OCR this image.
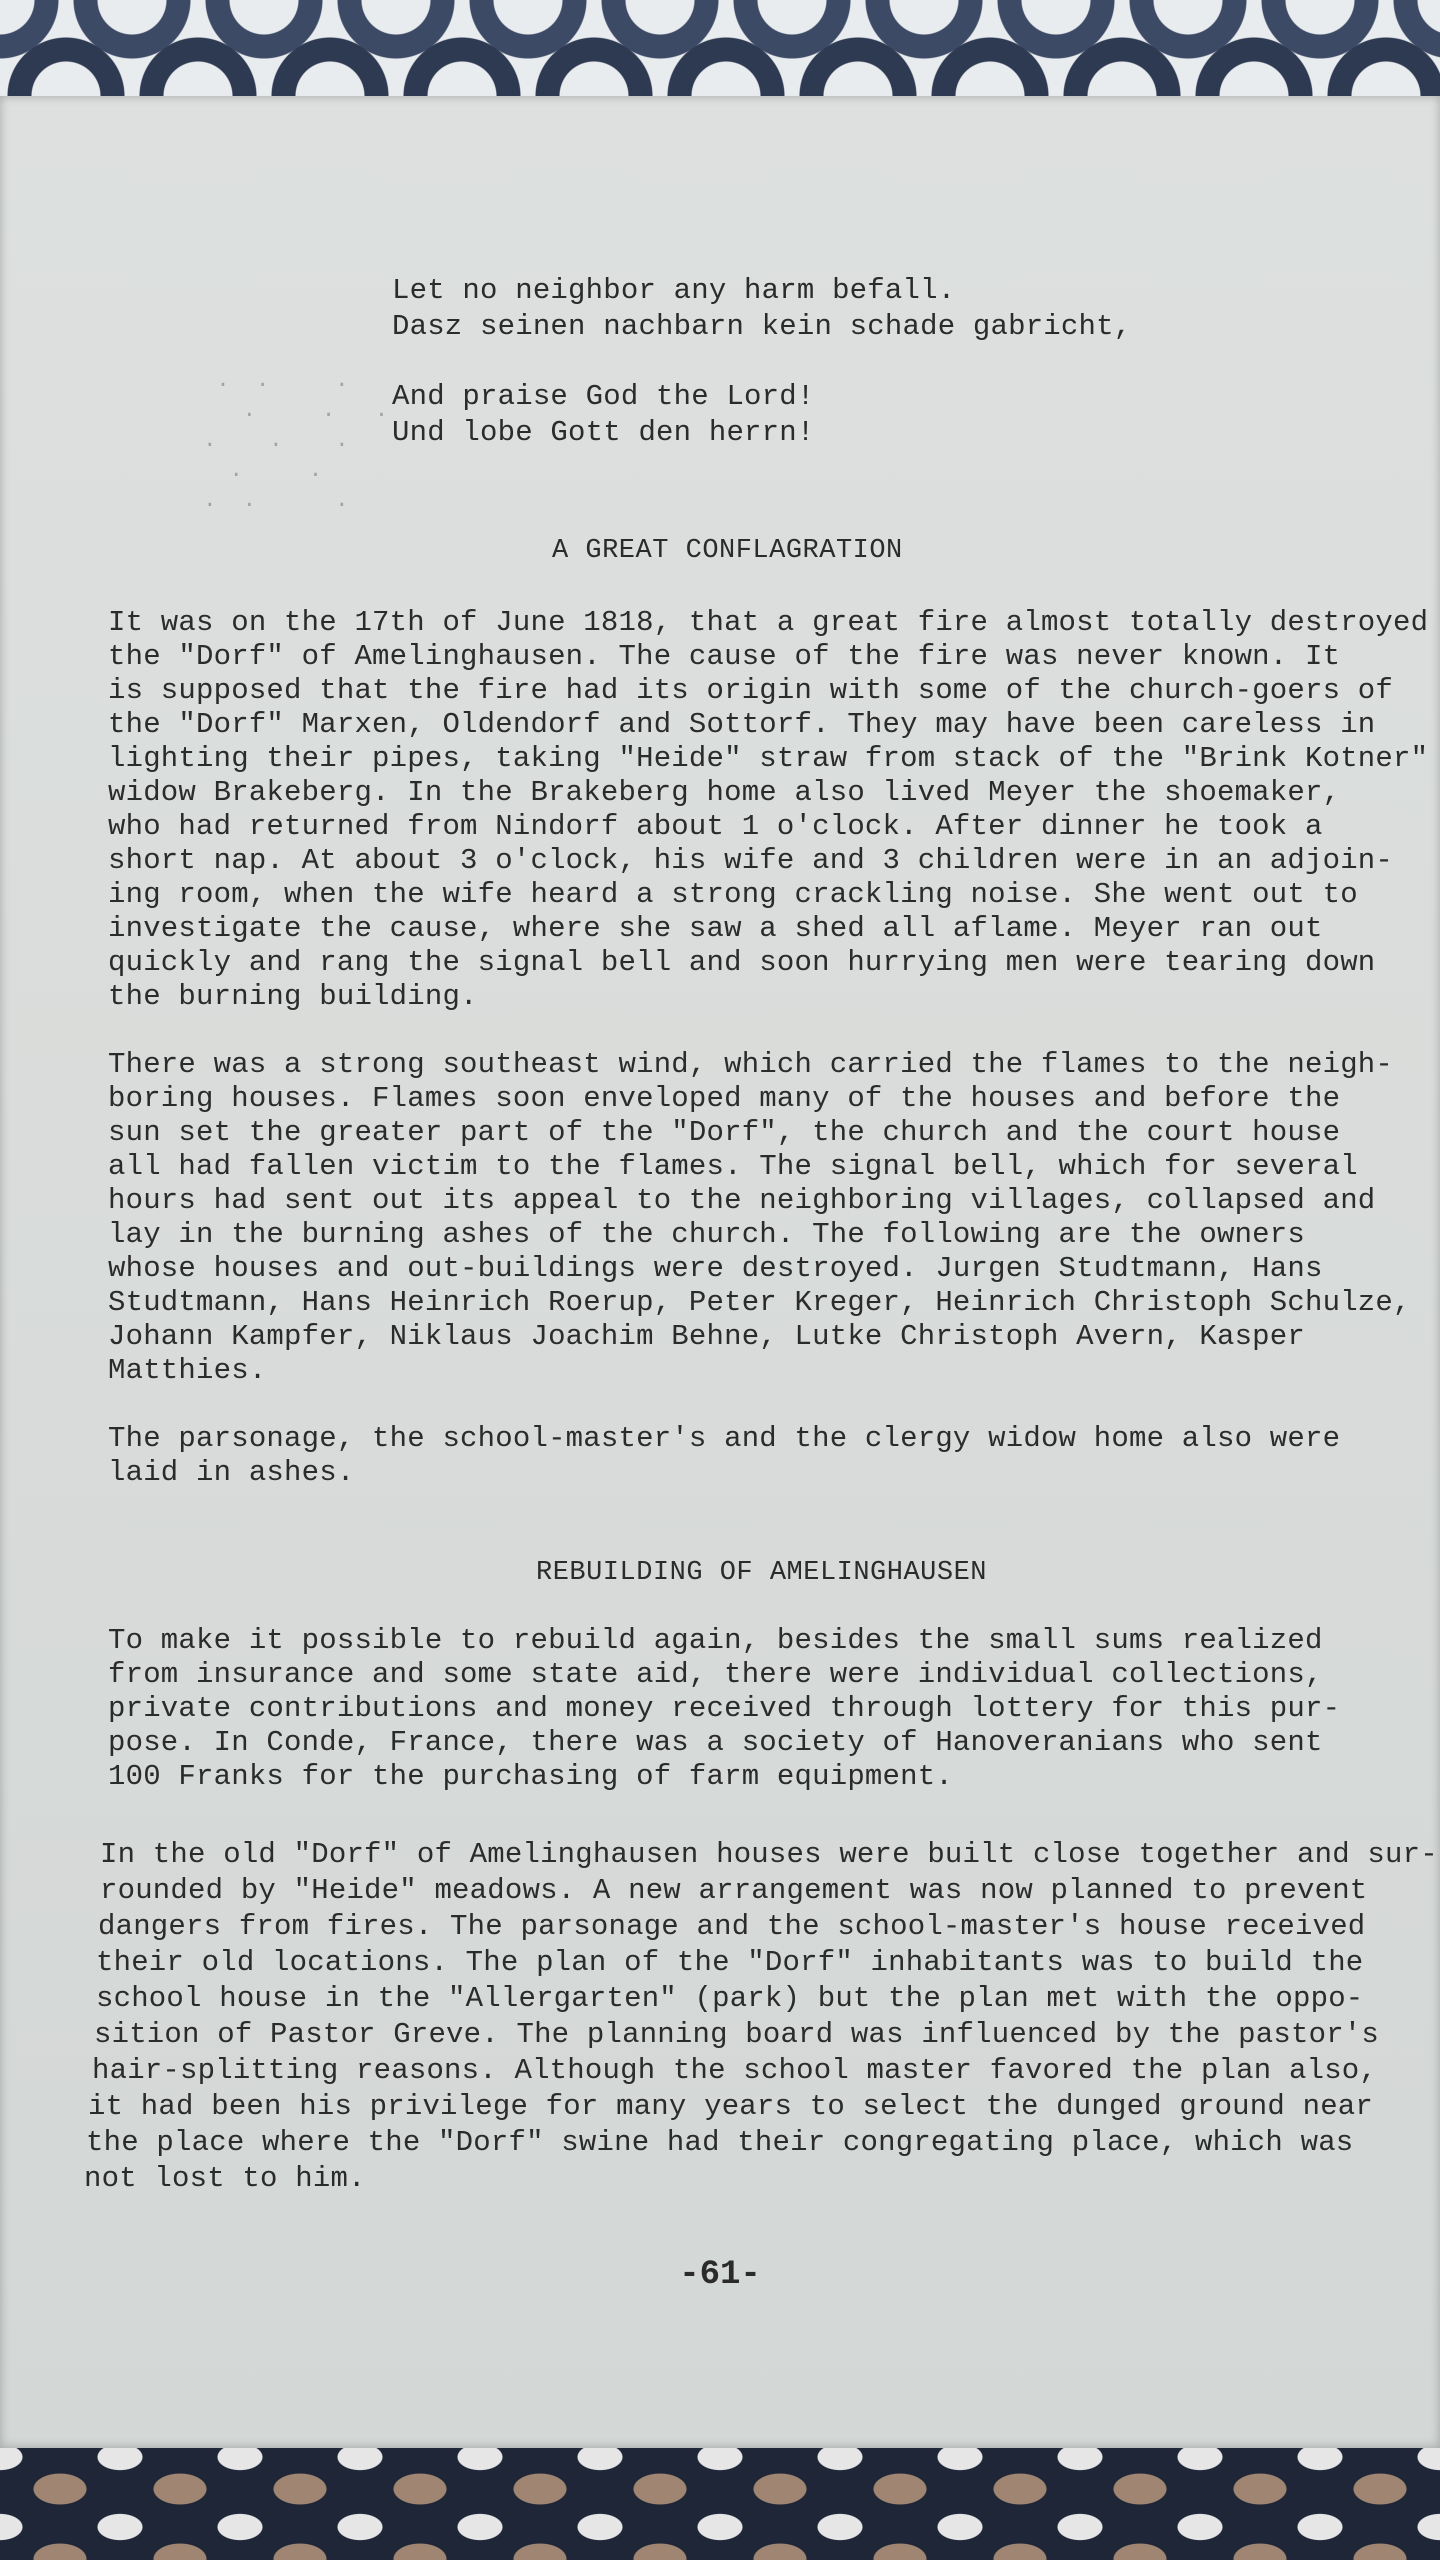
.  .     .
.     .   .
.    .    .
.     .
.  .      .
Let no neighbor any harm befall.
Dasz seinen nachbarn kein schade gabricht,
And praise God the Lord!
Und lobe Gott den herrn!
A GREAT CONFLAGRATION
It was on the 17th of June 1818, that a great fire almost totally destroyed
the "Dorf" of Amelinghausen. The cause of the fire was never known. It
is supposed that the fire had its origin with some of the church-goers of
the "Dorf" Marxen, Oldendorf and Sottorf. They may have been careless in
lighting their pipes, taking "Heide" straw from stack of the "Brink Kotner"
widow Brakeberg. In the Brakeberg home also lived Meyer the shoemaker,
who had returned from Nindorf about 1 o'clock. After dinner he took a
short nap. At about 3 o'clock, his wife and 3 children were in an adjoin-
ing room, when the wife heard a strong crackling noise. She went out to
investigate the cause, where she saw a shed all aflame. Meyer ran out
quickly and rang the signal bell and soon hurrying men were tearing down
the burning building.
There was a strong southeast wind, which carried the flames to the neigh-
boring houses. Flames soon enveloped many of the houses and before the
sun set the greater part of the "Dorf", the church and the court house
all had fallen victim to the flames. The signal bell, which for several
hours had sent out its appeal to the neighboring villages, collapsed and
lay in the burning ashes of the church. The following are the owners
whose houses and out-buildings were destroyed. Jurgen Studtmann, Hans
Studtmann, Hans Heinrich Roerup, Peter Kreger, Heinrich Christoph Schulze,
Johann Kampfer, Niklaus Joachim Behne, Lutke Christoph Avern, Kasper
Matthies.
The parsonage, the school-master's and the clergy widow home also were
laid in ashes.
REBUILDING OF AMELINGHAUSEN
To make it possible to rebuild again, besides the small sums realized
from insurance and some state aid, there were individual collections,
private contributions and money received through lottery for this pur-
pose. In Conde, France, there was a society of Hanoveranians who sent
100 Franks for the purchasing of farm equipment.
In the old "Dorf" of Amelinghausen houses were built close together and sur-
rounded by "Heide" meadows. A new arrangement was now planned to prevent
dangers from fires. The parsonage and the school-master's house received
their old locations. The plan of the "Dorf" inhabitants was to build the
school house in the "Allergarten" (park) but the plan met with the oppo-
sition of Pastor Greve. The planning board was influenced by the pastor's
hair-splitting reasons. Although the school master favored the plan also,
it had been his privilege for many years to select the dunged ground near
the place where the "Dorf" swine had their congregating place, which was
not lost to him.
-61-
